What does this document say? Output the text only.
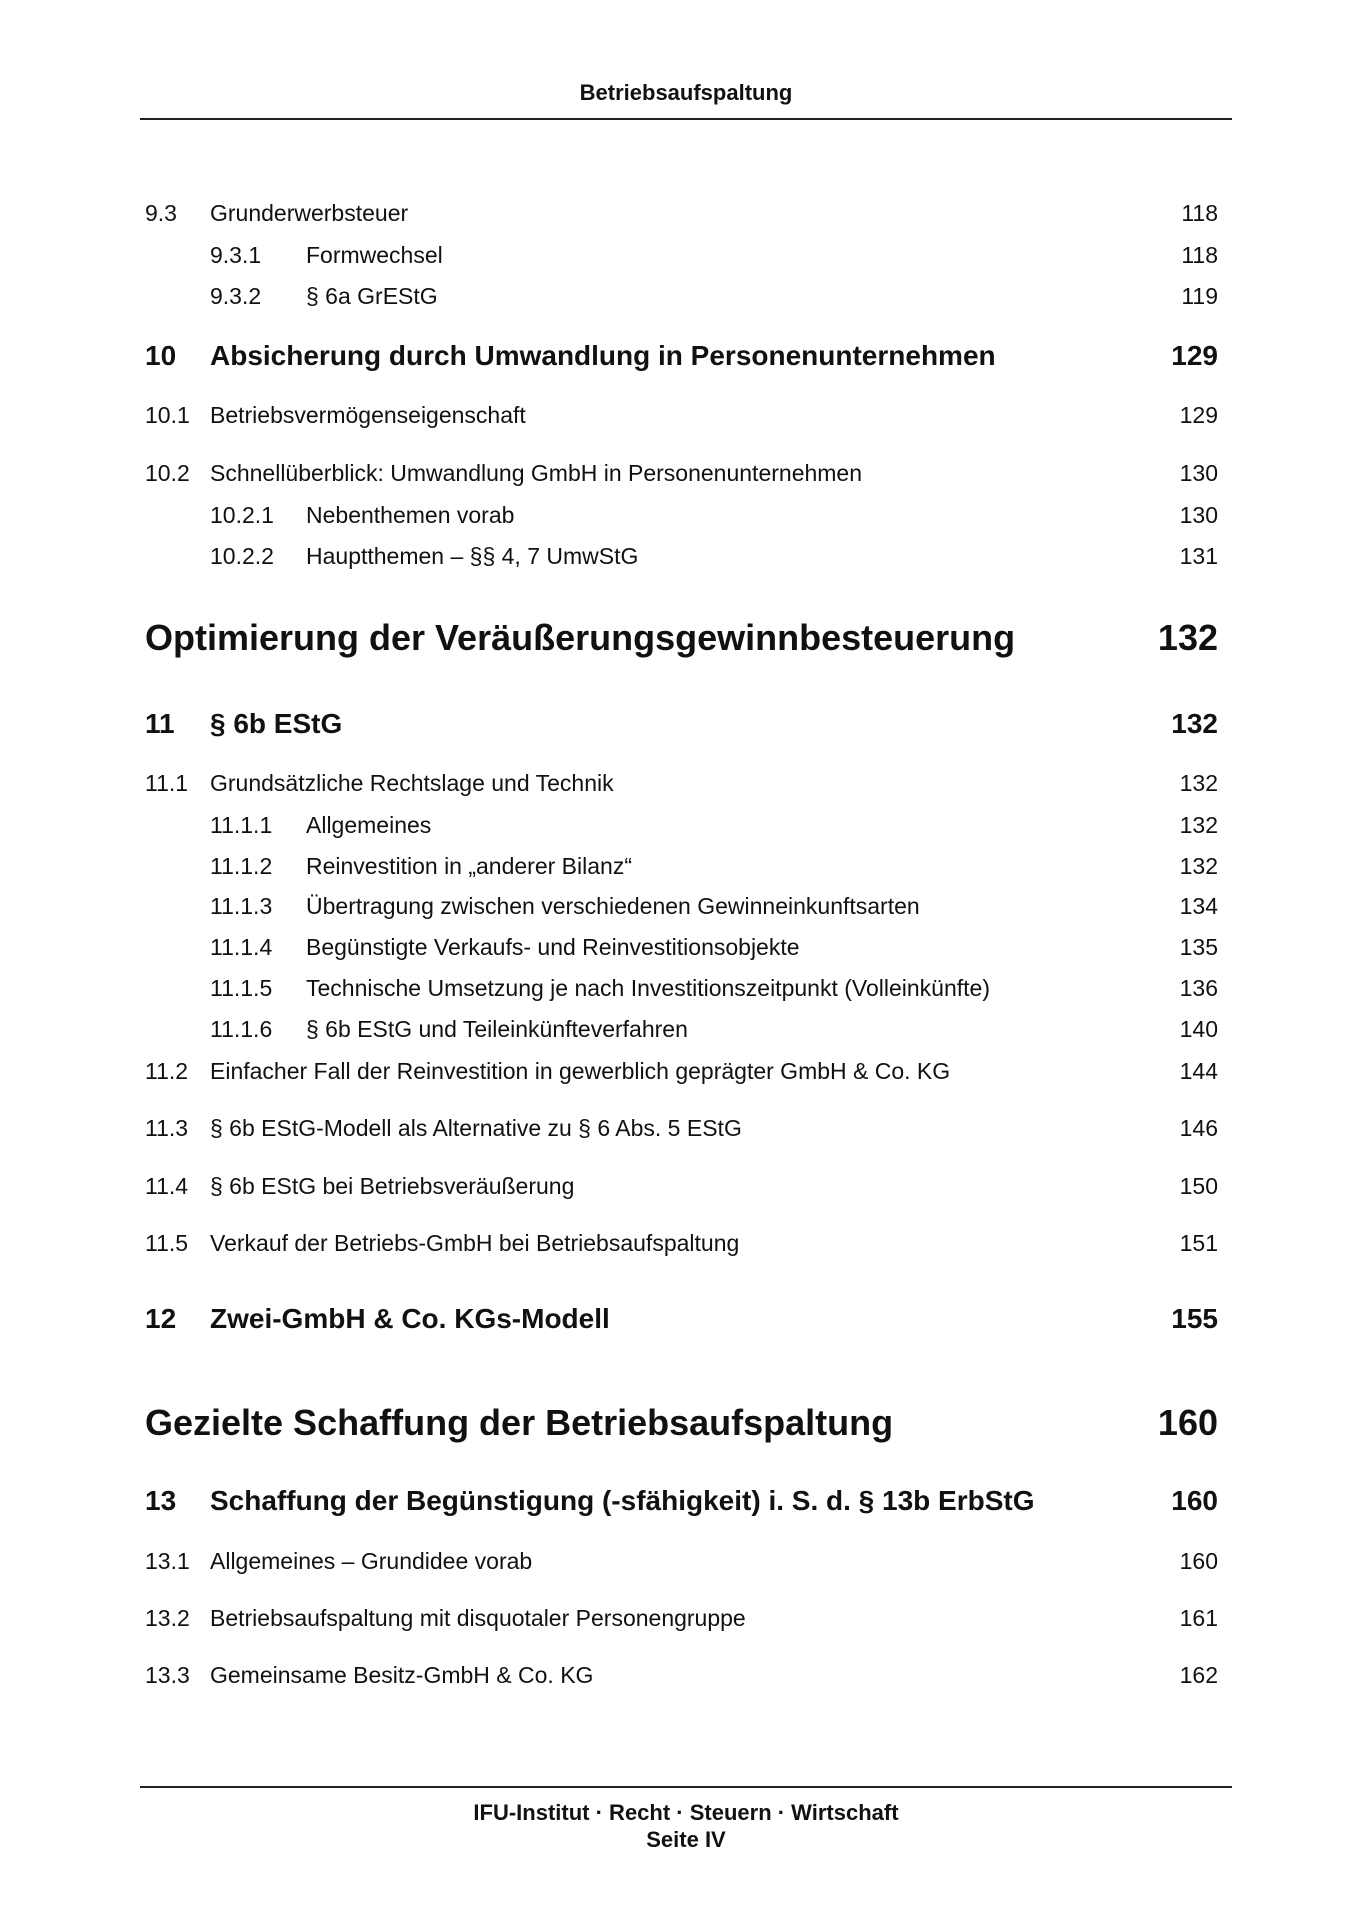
Betriebsaufspaltung
9.3 Grunderwerbsteuer	118
9.3.1 Formwechsel	118
9.3.2 § 6a GrEStG	119
10 Absicherung durch Umwandlung in Personenunternehmen	129
10.1 Betriebsvermögenseigenschaft	129
10.2 Schnellüberblick: Umwandlung GmbH in Personenunternehmen	130
10.2.1 Nebenthemen vorab	130
10.2.2 Hauptthemen – §§ 4, 7 UmwStG	131
Optimierung der Veräußerungsgewinnbesteuerung	132
11 § 6b EStG	132
11.1 Grundsätzliche Rechtslage und Technik	132
11.1.1 Allgemeines	132
11.1.2 Reinvestition in „anderer Bilanz“	132
11.1.3 Übertragung zwischen verschiedenen Gewinneinkunftsarten	134
11.1.4 Begünstigte Verkaufs- und Reinvestitionsobjekte	135
11.1.5 Technische Umsetzung je nach Investitionszeitpunkt (Volleinkünfte)	136
11.1.6 § 6b EStG und Teileinkünfteverfahren	140
11.2 Einfacher Fall der Reinvestition in gewerblich geprägter GmbH & Co. KG	144
11.3 § 6b EStG-Modell als Alternative zu § 6 Abs. 5 EStG	146
11.4 § 6b EStG bei Betriebsveräußerung	150
11.5 Verkauf der Betriebs-GmbH bei Betriebsaufspaltung	151
12 Zwei-GmbH & Co. KGs-Modell	155
Gezielte Schaffung der Betriebsaufspaltung	160
13 Schaffung der Begünstigung (-sfähigkeit) i. S. d. § 13b ErbStG	160
13.1 Allgemeines – Grundidee vorab	160
13.2 Betriebsaufspaltung mit disquotaler Personengruppe	161
13.3 Gemeinsame Besitz-GmbH & Co. KG	162
IFU-Institut · Recht · Steuern · Wirtschaft
Seite IV
